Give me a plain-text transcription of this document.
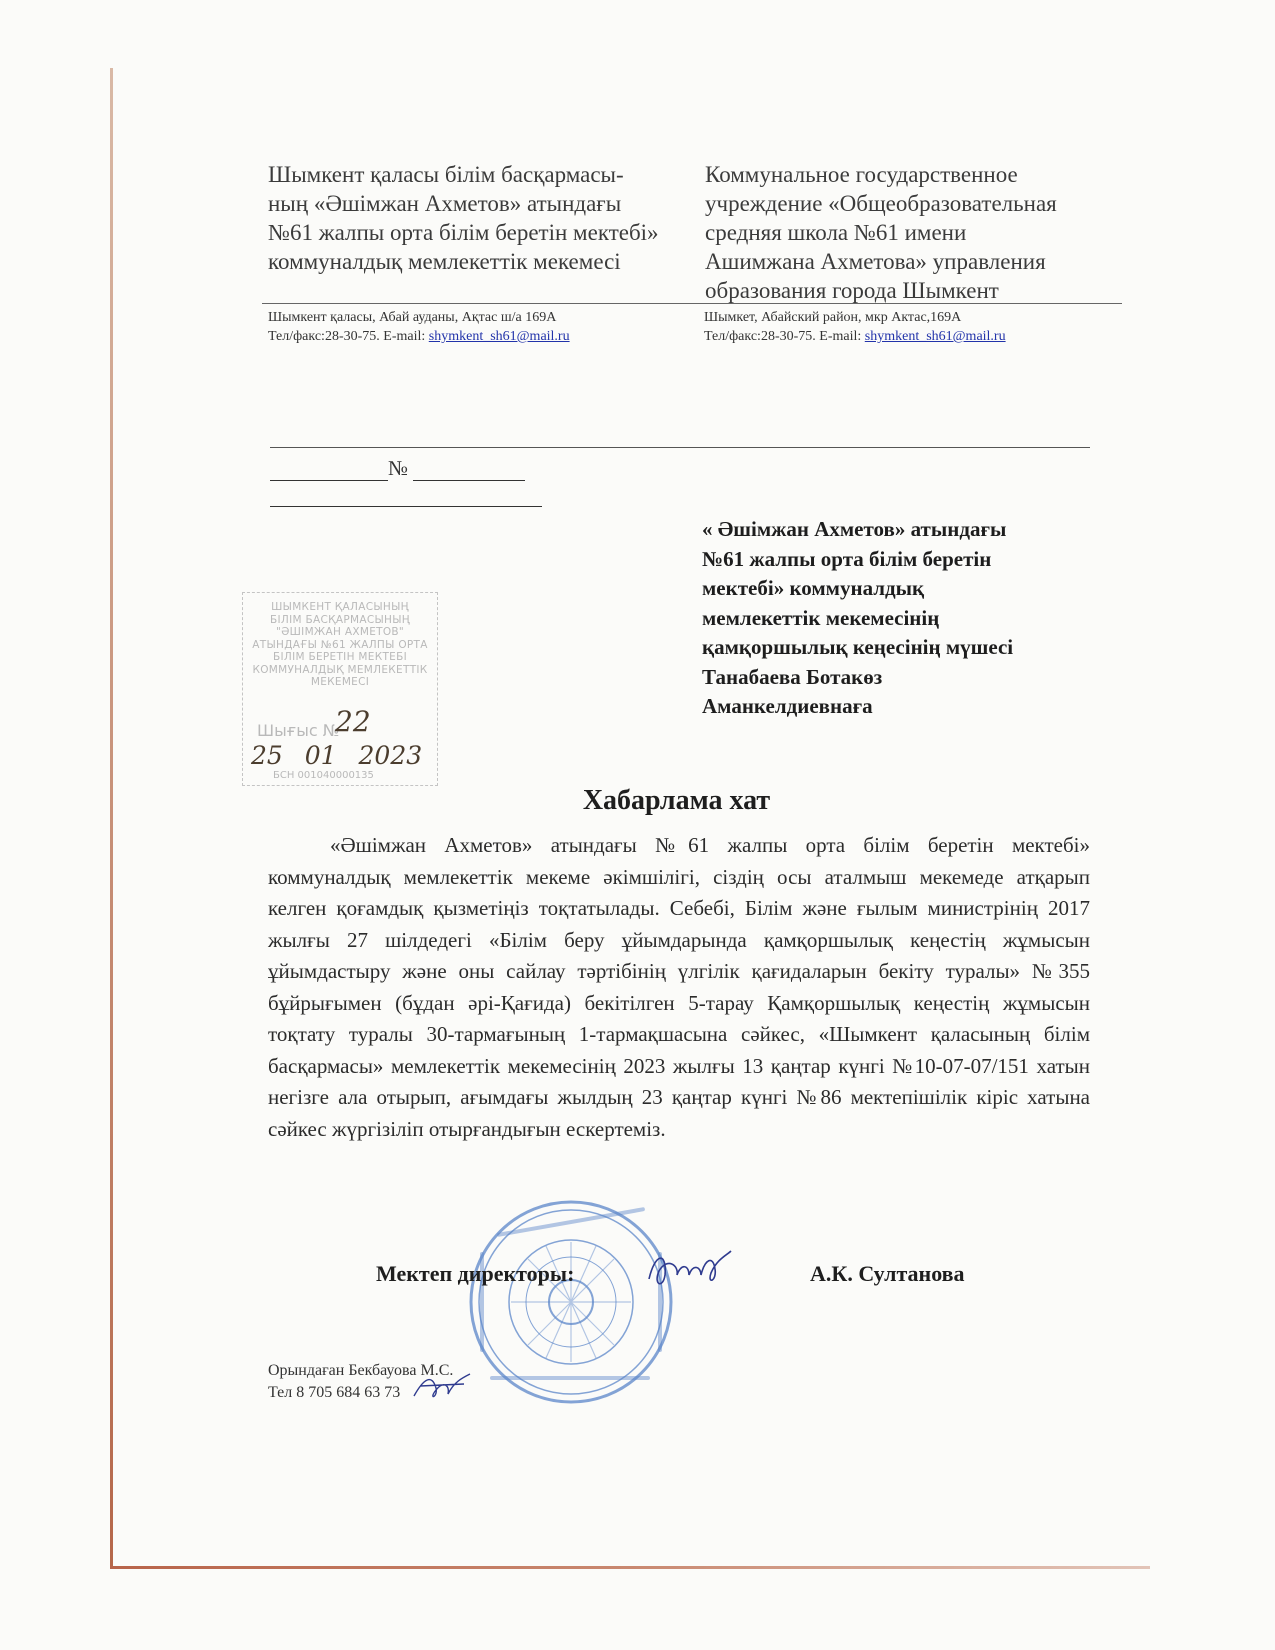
Шымкент қаласы білім басқармасы-
ның «Әшімжан Ахметов» атындағы
№61 жалпы орта білім беретін мектебі»
коммуналдық мемлекеттік мекемесі

Коммунальное государственное
учреждение «Общеобразовательная
средняя школа №61 имени
Ашимжана Ахметова» управления
образования города Шымкент

Шымкент қаласы, Абай ауданы, Ақтас ш/а 169А
Тел/факс:28-30-75. E-mail: shymkent_sh61@mail.ru
Шымкет, Абайский район, мкр Актас,169А
Тел/факс:28-30-75. E-mail: shymkent_sh61@mail.ru
№
« Әшімжан Ахметов» атындағы
№61 жалпы орта білім беретін
мектебі» коммуналдық
мемлекеттік мекемесінің
қамқоршылық кеңесінің мүшесі
Танабаева Ботакөз
Аманкелдиевнаға
ШЫМКЕНТ ҚАЛАСЫНЫҢ
БІЛІМ БАСҚАРМАСЫНЫҢ
"ӘШІМЖАН АХМЕТОВ"
АТЫНДАҒЫ №61 ЖАЛПЫ ОРТА
БІЛІМ БЕРЕТІН МЕКТЕБІ
КОММУНАЛДЫҚ МЕМЛЕКЕТТІК
МЕКЕМЕСІ
Шығыс №
22
25 01 2023
БСН 001040000135
Хабарлама хат

«Әшімжан Ахметов» атындағы №61 жалпы орта білім беретін мектебі» коммуналдық мемлекеттік мекеме әкімшілігі, сіздің осы аталмыш мекемеде атқарып келген қоғамдық қызметіңіз тоқтатылады. Себебі, Білім және ғылым министрінің 2017 жылғы 27 шілдедегі «Білім беру ұйымдарында қамқоршылық кеңестің жұмысын ұйымдастыру және оны сайлау тәртібінің үлгілік қағидаларын бекіту туралы» №355 бұйрығымен (бұдан әрі-Қағида) бекітілген 5-тарау Қамқоршылық кеңестің жұмысын тоқтату туралы 30-тармағының 1-тармақшасына сәйкес, «Шымкент қаласының білім басқармасы» мемлекеттік мекемесінің 2023 жылғы 13 қаңтар күнгі №10-07-07/151 хатын негізге ала отырып, ағымдағы жылдың 23 қаңтар күнгі №86 мектепішілік кіріс хатына сәйкес жүргізіліп отырғандығын ескертеміз.

Мектеп директоры:	А.К. Султанова
Орындаған Бекбауова М.С.
Тел 8 705 684 63 73
